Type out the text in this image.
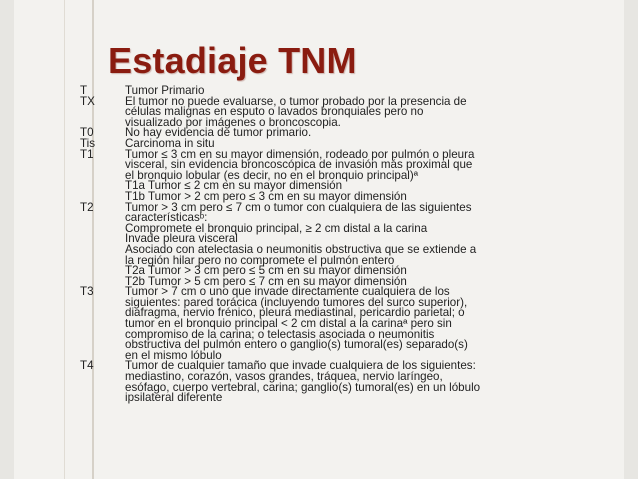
Estadiaje TNM
T	Tumor Primario
TX	El tumor no puede evaluarse, o tumor probado por la presencia de
células malignas en esputo o lavados bronquiales pero no
visualizado por imágenes o broncoscopia.
T0	No hay evidencia de tumor primario.
Tis	Carcinoma in situ
T1	Tumor ≤ 3 cm en su mayor dimensión, rodeado por pulmón o pleura
visceral, sin evidencia broncoscópica de invasión más proximal que
el bronquio lobular (es decir, no en el bronquio principal)ª
T1a Tumor ≤ 2 cm en su mayor dimensión
T1b Tumor > 2 cm pero ≤ 3 cm en su mayor dimensión
T2	Tumor > 3 cm pero ≤ 7 cm o tumor con cualquiera de las siguientes
característicasᵇ:
Compromete el bronquio principal, ≥ 2 cm distal a la carina
Invade pleura visceral
Asociado con atelectasia o neumonitis obstructiva que se extiende a
la región hilar pero no compromete el pulmón entero
T2a Tumor > 3 cm pero ≤ 5 cm en su mayor dimensión
T2b Tumor > 5 cm pero ≤ 7 cm en su mayor dimensión
T3	Tumor > 7 cm o uno que invade directamente cualquiera de los
siguientes: pared torácica (incluyendo tumores del surco superior),
diafragma, nervio frénico, pleura mediastinal, pericardio parietal; o
tumor en el bronquio principal < 2 cm distal a la carinaª pero sin
compromiso de la carina; o telectasis asociada o neumonitis
obstructiva del pulmón entero o ganglio(s) tumoral(es) separado(s)
en el mismo lóbulo
T4	Tumor de cualquier tamaño que invade cualquiera de los siguientes:
mediastino, corazón, vasos grandes, tráquea, nervio laríngeo,
esófago, cuerpo vertebral, carina; ganglio(s) tumoral(es) en un lóbulo
ipsilateral diferente
